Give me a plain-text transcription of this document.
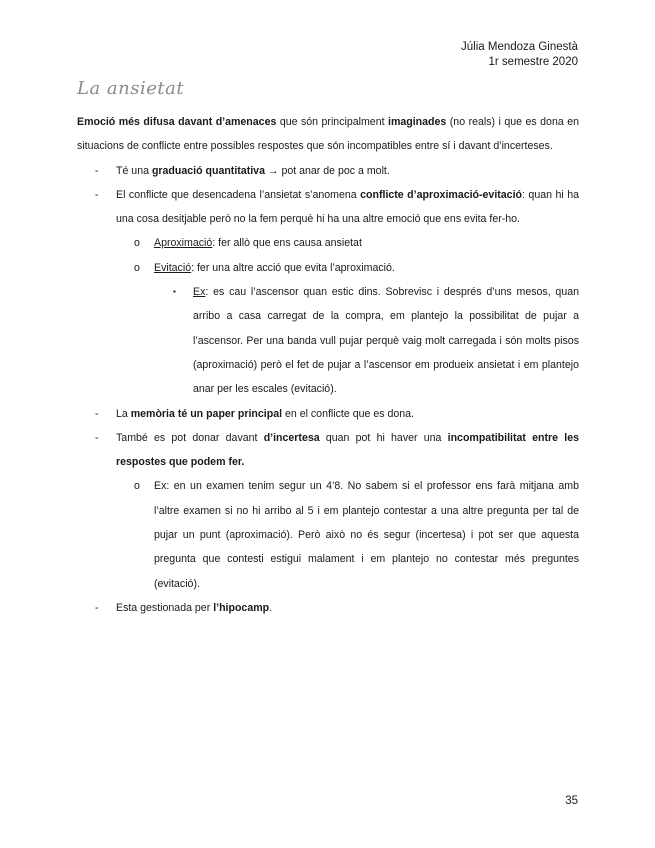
Júlia Mendoza Ginestà
1r semestre 2020
La ansietat

Emoció més difusa davant d’amenaces que són principalment imaginades (no reals) i que es dona en situacions de conflicte entre possibles respostes que són incompatibles entre sí i davant d’incerteses.

- Té una graduació quantitativa → pot anar de poc a molt.
- El conflicte que desencadena l’ansietat s’anomena conflicte d’aproximació-evitació: quan hi ha una cosa desitjable però no la fem perquè hi ha una altre emoció que ens evita fer-ho.
o Aproximació: fer allò que ens causa ansietat
o Evitació: fer una altre acció que evita l’aproximació.
▪ Ex: es cau l’ascensor quan estic dins. Sobrevisc i després d’uns mesos, quan arribo a casa carregat de la compra, em plantejo la possibilitat de pujar a l’ascensor. Per una banda vull pujar perquè vaig molt carregada i són molts pisos (aproximació) però el fet de pujar a l’ascensor em produeix ansietat i em plantejo anar per les escales (evitació).
- La memòria té un paper principal en el conflicte que es dona.
- També es pot donar davant d’incertesa quan pot hi haver una incompatibilitat entre les respostes que podem fer.
o Ex: en un examen tenim segur un 4’8. No sabem si el professor ens farà mitjana amb l’altre examen si no hi arribo al 5 i em plantejo contestar a una altre pregunta per tal de pujar un punt (aproximació). Però això no és segur (incertesa) i pot ser que aquesta pregunta que contesti estigui malament i em plantejo no contestar més preguntes (evitació).
- Esta gestionada per l’hipocamp.
35
